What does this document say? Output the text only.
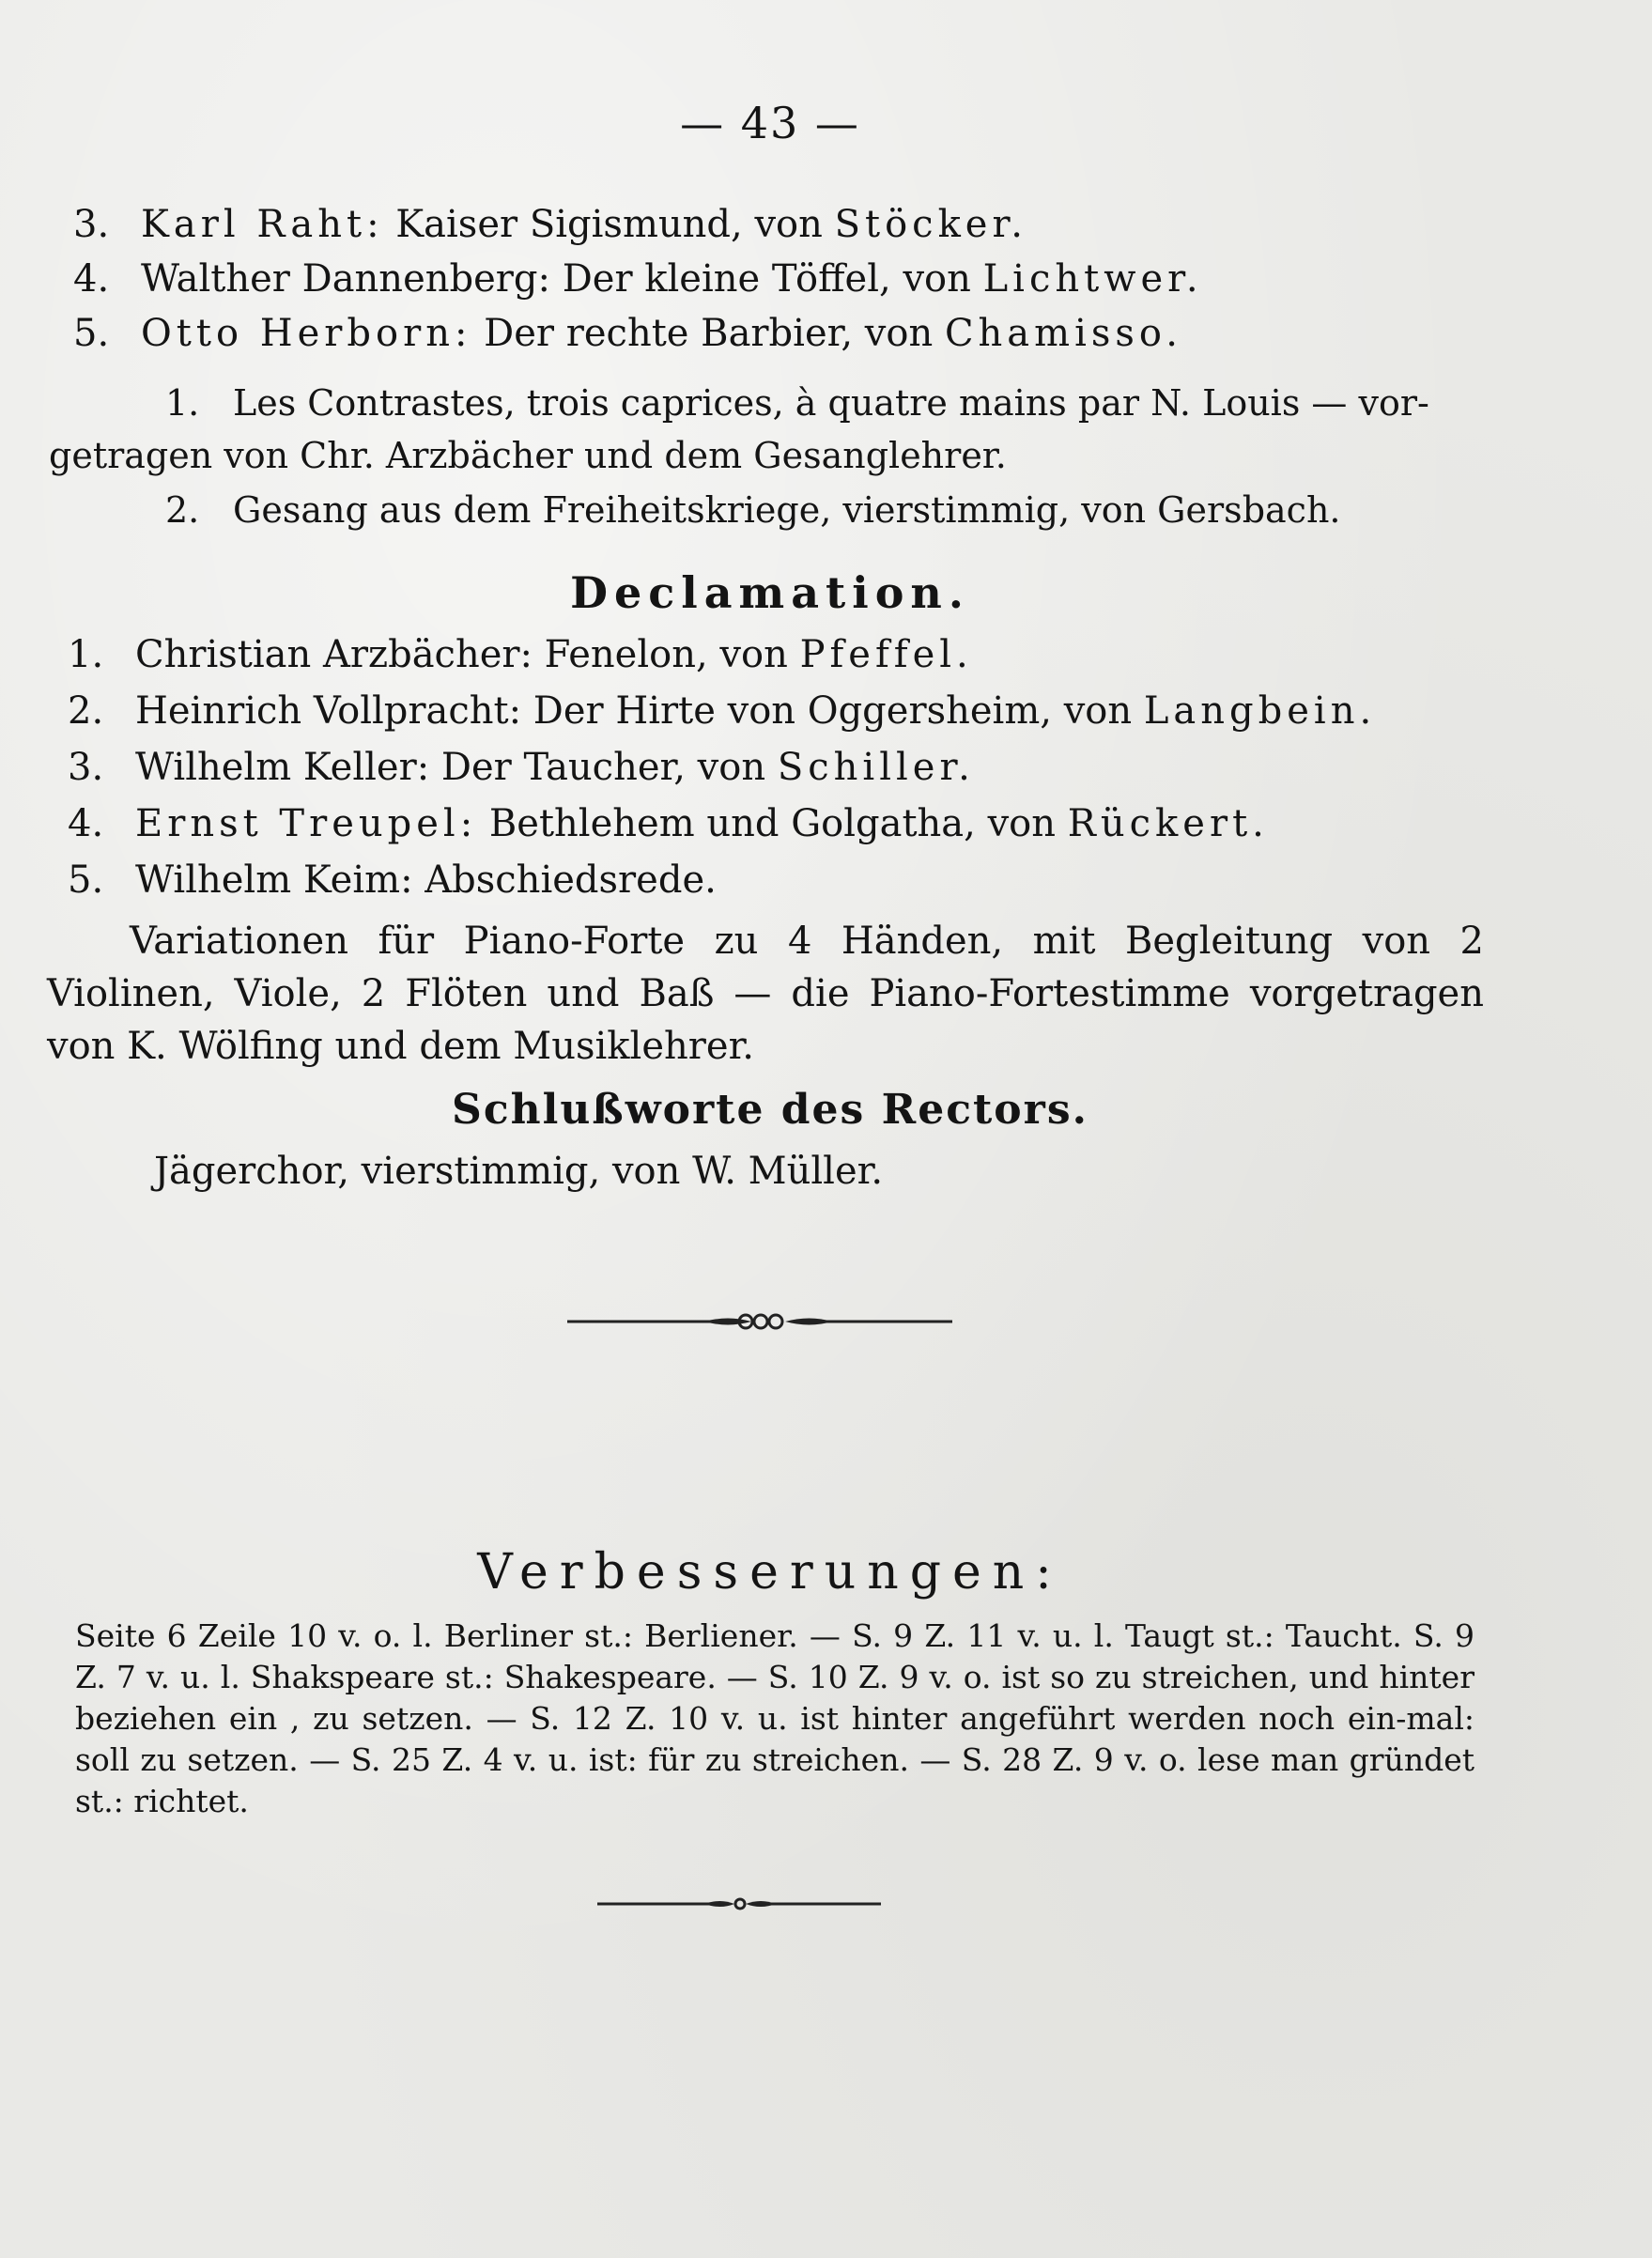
— 43 —
3. Karl Raht: Kaiser Sigismund, von Stöcker.
4. Walther Dannenberg: Der kleine Töffel, von Lichtwer.
5. Otto Herborn: Der rechte Barbier, von Chamisso.
1. Les Contrastes, trois caprices, à quatre mains par N. Louis — vor-
getragen von Chr. Arzbächer und dem Gesanglehrer.
2. Gesang aus dem Freiheitskriege, vierstimmig, von Gersbach.
Declamation.
1. Christian Arzbächer: Fenelon, von Pfeffel.
2. Heinrich Vollpracht: Der Hirte von Oggersheim, von Langbein.
3. Wilhelm Keller: Der Taucher, von Schiller.
4. Ernst Treupel: Bethlehem und Golgatha, von Rückert.
5. Wilhelm Keim: Abschiedsrede.
Variationen für Piano-Forte zu 4 Händen, mit Begleitung von 2 Violinen, Viole, 2 Flöten und Baß — die Piano-Fortestimme vorgetragen von K. Wölfing und dem Musiklehrer.
Schlußworte des Rectors.
Jägerchor, vierstimmig, von W. Müller.
Verbesserungen:
Seite 6 Zeile 10 v. o. l. Berliner st.: Berliener. — S. 9 Z. 11 v. u. l. Taugt st.: Taucht. S. 9 Z. 7 v. u. l. Shakspeare st.: Shakespeare. — S. 10 Z. 9 v. o. ist so zu streichen, und hinter beziehen ein , zu setzen. — S. 12 Z. 10 v. u. ist hinter angeführt werden noch ein-mal: soll zu setzen. — S. 25 Z. 4 v. u. ist: für zu streichen. — S. 28 Z. 9 v. o. lese man gründet st.: richtet.
